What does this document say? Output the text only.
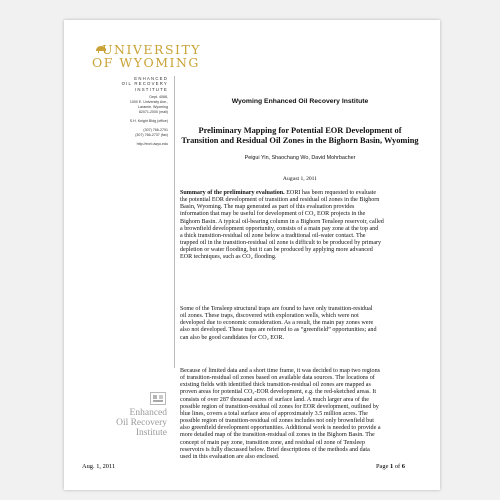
UNIVERSITY
OF WYOMING
ENHANCED
OIL RECOVERY
INSTITUTE
Dept. 4068,
1000 E. University Ave.,
Laramie, Wyoming
82071-2000 (mail)
S.H. Knight Bldg (office)
(307) 766-2791
(307) 766-2737 (fax)
http://eori.uwyo.edu
Enhanced
Oil Recovery
Institute
Wyoming Enhanced Oil Recovery Institute
Preliminary Mapping for Potential EOR Development of
Transition and Residual Oil Zones in the Bighorn Basin, Wyoming
Peigui Yin, Shaochang Wo, David Mohrbacher
August 1, 2011
Summary of the preliminary evaluation. EORI has been requested to evaluate
the potential EOR development of transition and residual oil zones in the Bighorn
Basin, Wyoming. The map generated as part of this evaluation provides
information that may be useful for development of CO₂ EOR projects in the
Bighorn Basin. A typical oil-bearing column in a Bighorn Tensleep reservoir, called
a brownfield development opportunity, consists of a main pay zone at the top and
a thick transition-residual oil zone below a traditional oil-water contact. The
trapped oil in the transition-residual oil zone is difficult to be produced by primary
depletion or water flooding, but it can be produced by applying more advanced
EOR techniques, such as CO₂ flooding.
Some of the Tensleep structural traps are found to have only transition-residual
oil zones. These traps, discovered with exploration wells, which were not
developed due to economic consideration. As a result, the main pay zones were
also not developed. These traps are referred to as “greenfield” opportunities; and
can also be good candidates for CO₂ EOR.
Because of limited data and a short time frame, it was decided to map two regions
of transition-residual oil zones based on available data sources. The locations of
existing fields with identified thick transition-residual oil zones are mapped as
proven areas for potential CO₂-EOR development, e.g. the red-sketched areas. It
consists of over 287 thousand acres of surface land. A much larger area of the
possible region of transition-residual oil zones for EOR development, outlined by
blue lines, covers a total surface area of approximately 3.5 million acres. The
possible region of transition-residual oil zones includes not only brownfield but
also greenfield development opportunities. Additional work is needed to provide a
more detailed map of the transition-residual oil zones in the Bighorn Basin. The
concept of main pay zone, transition zone, and residual oil zone of Tensleep
reservoirs is fully discussed below. Brief descriptions of the methods and data
used in this evaluation are also enclosed.
Aug. 1, 2011	Page 1 of 6
